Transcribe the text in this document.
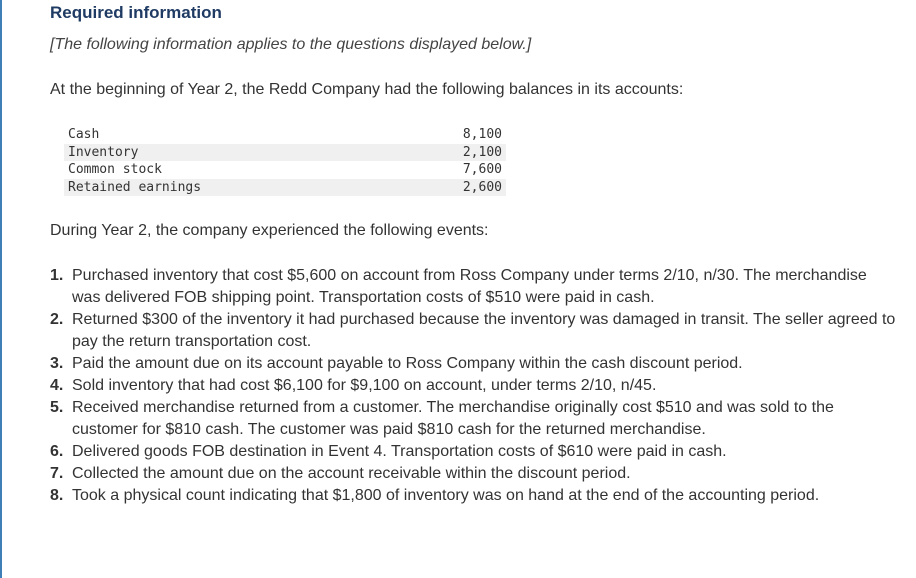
Required information

[The following information applies to the questions displayed below.]

At the beginning of Year 2, the Redd Company had the following balances in its accounts:

Cash	8,100
Inventory	2,100
Common stock	7,600
Retained earnings	2,600

During Year 2, the company experienced the following events:

1. Purchased inventory that cost $5,600 on account from Ross Company under terms 2/10, n/30. The merchandise was delivered FOB shipping point. Transportation costs of $510 were paid in cash.
2. Returned $300 of the inventory it had purchased because the inventory was damaged in transit. The seller agreed to pay the return transportation cost.
3. Paid the amount due on its account payable to Ross Company within the cash discount period.
4. Sold inventory that had cost $6,100 for $9,100 on account, under terms 2/10, n/45.
5. Received merchandise returned from a customer. The merchandise originally cost $510 and was sold to the customer for $810 cash. The customer was paid $810 cash for the returned merchandise.
6. Delivered goods FOB destination in Event 4. Transportation costs of $610 were paid in cash.
7. Collected the amount due on the account receivable within the discount period.
8. Took a physical count indicating that $1,800 of inventory was on hand at the end of the accounting period.
